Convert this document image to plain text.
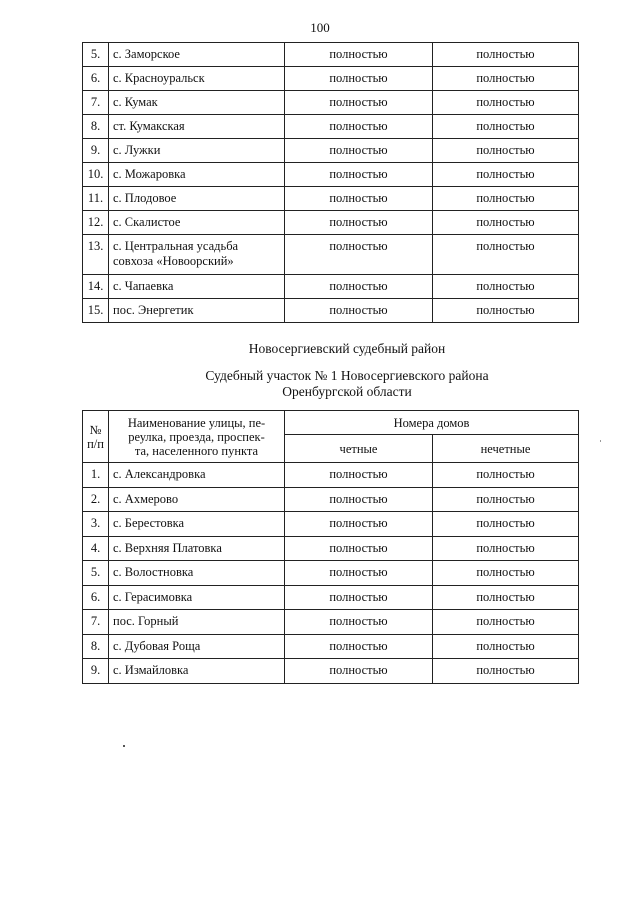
100
5.	с. Заморское	полностью	полностью
6.	с. Красноуральск	полностью	полностью
7.	с. Кумак	полностью	полностью
8.	ст. Кумакская	полностью	полностью
9.	с. Лужки	полностью	полностью
10.	с. Можаровка	полностью	полностью
11.	с. Плодовое	полностью	полностью
12.	с. Скалистое	полностью	полностью
13.	с. Центральная усадьба
совхоза «Новоорский»	полностью	полностью
14.	с. Чапаевка	полностью	полностью
15.	пос. Энергетик	полностью	полностью
Новосергиевский судебный район
Судебный участок № 1 Новосергиевского района
Оренбургской области
№
п/п	Наименование улицы, пе-
реулка, проезда, проспек-
та, населенного пункта	Номера домов	
		четные	нечетные
1.	с. Александровка	полностью	полностью
2.	с. Ахмерово	полностью	полностью
3.	с. Берестовка	полностью	полностью
4.	с. Верхняя Платовка	полностью	полностью
5.	с. Волостновка	полностью	полностью
6.	с. Герасимовка	полностью	полностью
7.	пос. Горный	полностью	полностью
8.	с. Дубовая Роща	полностью	полностью
9.	с. Измайловка	полностью	полностью
